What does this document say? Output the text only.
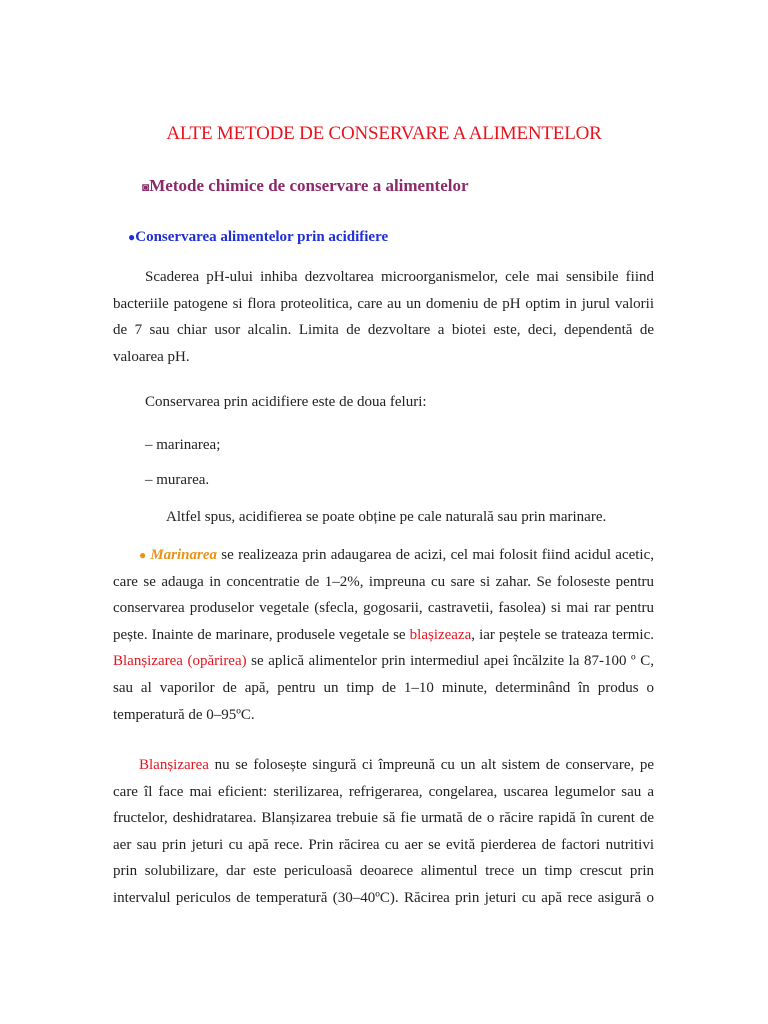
ALTE METODE DE CONSERVARE A ALIMENTELOR
◙Metode chimice de conservare a alimentelor
●Conservarea alimentelor prin acidifiere
Scaderea pH-ului inhiba dezvoltarea microorganismelor, cele mai sensibile fiind
bacteriile patogene si flora proteolitica, care au un domeniu de pH optim in jurul valorii
de 7 sau chiar usor alcalin. Limita de dezvoltare a biotei este, deci, dependentă de
valoarea pH.
Conservarea prin acidifiere este de doua feluri:
– marinarea;
– murarea.
Altfel spus, acidifierea se poate obține pe cale naturală sau prin marinare.
● Marinarea se realizeaza prin adaugarea de acizi, cel mai folosit fiind acidul acetic,
care se adauga in concentratie de 1–2%, impreuna cu sare si zahar. Se foloseste pentru
conservarea produselor vegetale (sfecla, gogosarii, castravetii, fasolea) si mai rar pentru
pește. Inainte de marinare, produsele vegetale se blașizeaza, iar peștele se trateaza termic.
Blanșizarea (opărirea) se aplică alimentelor prin intermediul apei încălzite la 87-100 º C,
sau al vaporilor de apă, pentru un timp de 1–10 minute, determinând în produs o
temperatură de 0–95ºC.
Blanșizarea nu se folosește singură ci împreună cu un alt sistem de conservare, pe
care îl face mai eficient: sterilizarea, refrigerarea, congelarea, uscarea legumelor sau a
fructelor, deshidratarea. Blanșizarea trebuie să fie urmată de o răcire rapidă în curent de
aer sau prin jeturi cu apă rece. Prin răcirea cu aer se evită pierderea de factori nutritivi
prin solubilizare, dar este periculoasă deoarece alimentul trece un timp crescut prin
intervalul periculos de temperatură (30–40ºC). Răcirea prin jeturi cu apă rece asigură o
